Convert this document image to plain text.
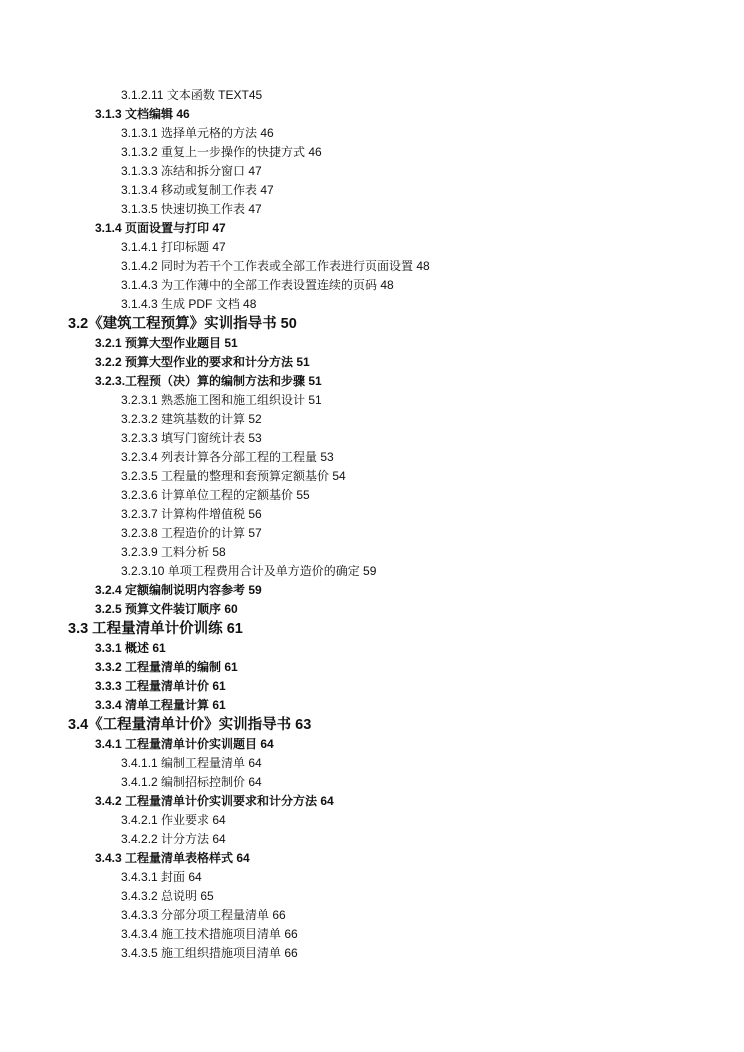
3.1.2.11 文本函数 TEXT45
3.1.3 文档编辑 46
3.1.3.1 选择单元格的方法 46
3.1.3.2 重复上一步操作的快捷方式 46
3.1.3.3 冻结和拆分窗口 47
3.1.3.4 移动或复制工作表 47
3.1.3.5 快速切换工作表 47
3.1.4 页面设置与打印 47
3.1.4.1 打印标题 47
3.1.4.2 同时为若干个工作表或全部工作表进行页面设置 48
3.1.4.3 为工作薄中的全部工作表设置连续的页码 48
3.1.4.3 生成 PDF 文档 48
3.2《建筑工程预算》实训指导书 50
3.2.1 预算大型作业题目 51
3.2.2 预算大型作业的要求和计分方法 51
3.2.3.工程预（决）算的编制方法和步骤 51
3.2.3.1 熟悉施工图和施工组织设计 51
3.2.3.2 建筑基数的计算 52
3.2.3.3 填写门窗统计表 53
3.2.3.4 列表计算各分部工程的工程量 53
3.2.3.5 工程量的整理和套预算定额基价 54
3.2.3.6 计算单位工程的定额基价 55
3.2.3.7 计算构件增值税 56
3.2.3.8 工程造价的计算 57
3.2.3.9 工料分析 58
3.2.3.10 单项工程费用合计及单方造价的确定 59
3.2.4 定额编制说明内容参考 59
3.2.5 预算文件装订顺序 60
3.3 工程量清单计价训练 61
3.3.1 概述 61
3.3.2 工程量清单的编制 61
3.3.3 工程量清单计价 61
3.3.4 清单工程量计算 61
3.4《工程量清单计价》实训指导书 63
3.4.1 工程量清单计价实训题目 64
3.4.1.1 编制工程量清单 64
3.4.1.2 编制招标控制价 64
3.4.2 工程量清单计价实训要求和计分方法 64
3.4.2.1 作业要求 64
3.4.2.2 计分方法 64
3.4.3 工程量清单表格样式 64
3.4.3.1 封面 64
3.4.3.2 总说明 65
3.4.3.3 分部分项工程量清单 66
3.4.3.4 施工技术措施项目清单 66
3.4.3.5 施工组织措施项目清单 66
